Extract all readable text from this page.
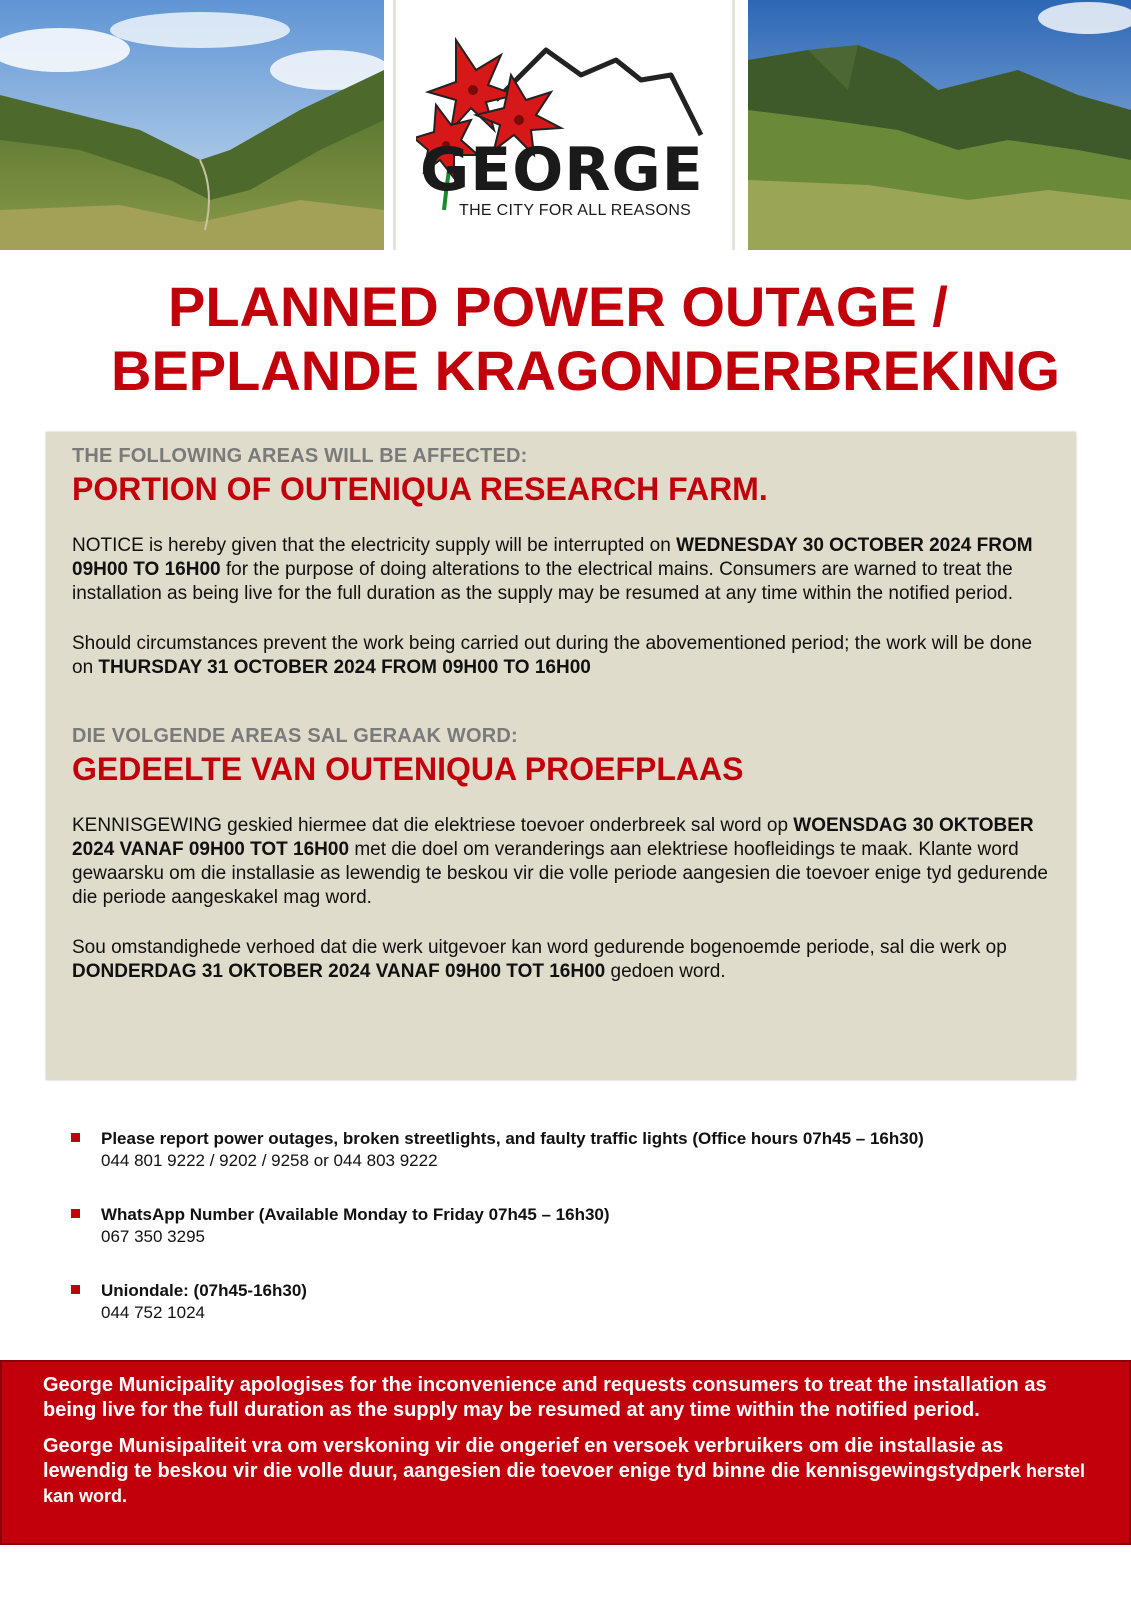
GEORGE
THE CITY FOR ALL REASONS
PLANNED POWER OUTAGE /
BEPLANDE KRAGONDERBREKING
THE FOLLOWING AREAS WILL BE AFFECTED:
PORTION OF OUTENIQUA RESEARCH FARM.

NOTICE is hereby given that the electricity supply will be interrupted on WEDNESDAY 30 OCTOBER 2024 FROM 09H00 TO 16H00 for the purpose of doing alterations to the electrical mains. Consumers are warned to treat the installation as being live for the full duration as the supply may be resumed at any time within the notified period.

Should circumstances prevent the work being carried out during the abovementioned period; the work will be done on THURSDAY 31 OCTOBER 2024 FROM 09H00 TO 16H00

DIE VOLGENDE AREAS SAL GERAAK WORD:
GEDEELTE VAN OUTENIQUA PROEFPLAAS

KENNISGEWING geskied hiermee dat die elektriese toevoer onderbreek sal word op WOENSDAG 30 OKTOBER 2024 VANAF 09H00 TOT 16H00 met die doel om veranderings aan elektriese hoofleidings te maak. Klante word gewaarsku om die installasie as lewendig te beskou vir die volle periode aangesien die toevoer enige tyd gedurende die periode aangeskakel mag word.

Sou omstandighede verhoed dat die werk uitgevoer kan word gedurende bogenoemde periode, sal die werk op DONDERDAG 31 OKTOBER 2024 VANAF 09H00 TOT 16H00 gedoen word.

Please report power outages, broken streetlights, and faulty traffic lights (Office hours 07h45 – 16h30)
044 801 9222 / 9202 / 9258 or 044 803 9222
WhatsApp Number (Available Monday to Friday 07h45 – 16h30)
067 350 3295
Uniondale: (07h45-16h30)
044 752 1024

George Municipality apologises for the inconvenience and requests consumers to treat the installation as being live for the full duration as the supply may be resumed at any time within the notified period.

George Munisipaliteit vra om verskoning vir die ongerief en versoek verbruikers om die installasie as lewendig te beskou vir die volle duur, aangesien die toevoer enige tyd binne die kennisgewingstydperk herstel kan word.
